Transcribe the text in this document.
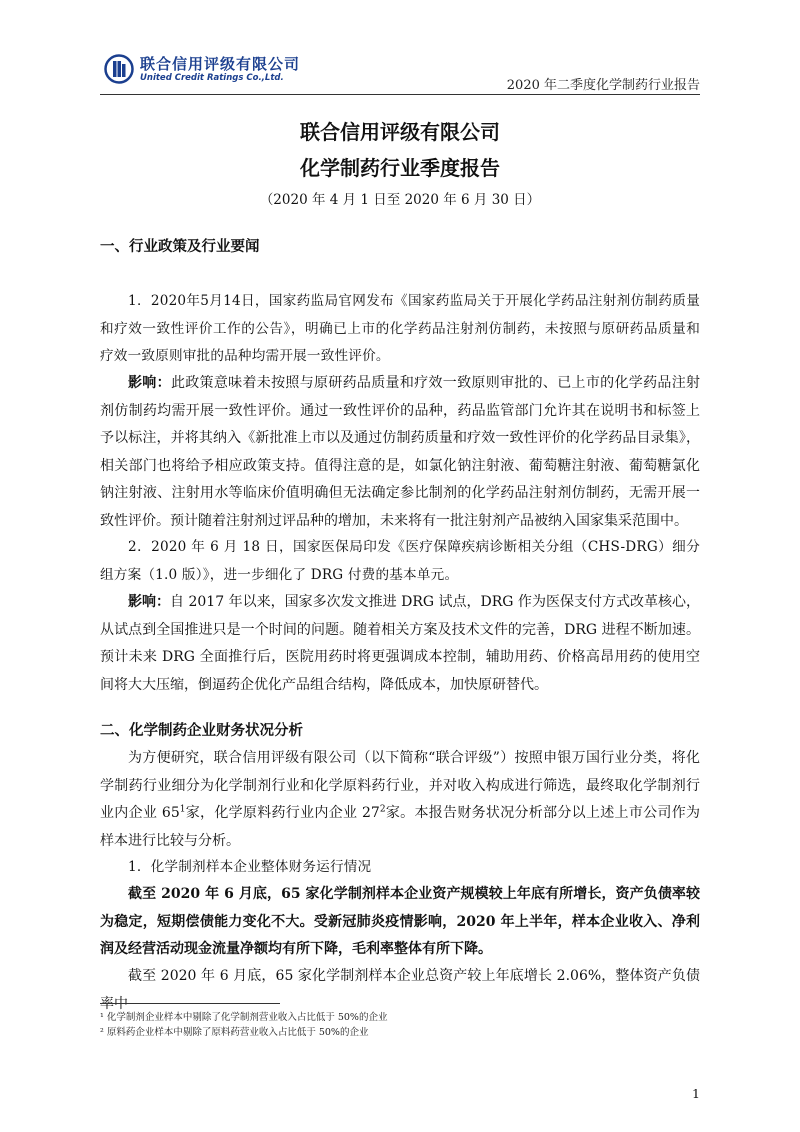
联合信用评级有限公司
United Credit Ratings Co.,Ltd.	2020 年二季度化学制药行业报告
联合信用评级有限公司
化学制药行业季度报告
（2020 年 4 月 1 日至 2020 年 6 月 30 日）
一、行业政策及行业要闻
1．2020年5月14日，国家药监局官网发布《国家药监局关于开展化学药品注射剂仿制药质量和疗效一致性评价工作的公告》，明确已上市的化学药品注射剂仿制药，未按照与原研药品质量和疗效一致原则审批的品种均需开展一致性评价。
影响：此政策意味着未按照与原研药品质量和疗效一致原则审批的、已上市的化学药品注射剂仿制药均需开展一致性评价。通过一致性评价的品种，药品监管部门允许其在说明书和标签上予以标注，并将其纳入《新批准上市以及通过仿制药质量和疗效一致性评价的化学药品目录集》，相关部门也将给予相应政策支持。值得注意的是，如氯化钠注射液、葡萄糖注射液、葡萄糖氯化钠注射液、注射用水等临床价值明确但无法确定参比制剂的化学药品注射剂仿制药，无需开展一致性评价。预计随着注射剂过评品种的增加，未来将有一批注射剂产品被纳入国家集采范围中。
2．2020 年 6 月 18 日，国家医保局印发《医疗保障疾病诊断相关分组（CHS-DRG）细分组方案（1.0 版）》，进一步细化了 DRG 付费的基本单元。
影响：自 2017 年以来，国家多次发文推进 DRG 试点，DRG 作为医保支付方式改革核心，从试点到全国推进只是一个时间的问题。随着相关方案及技术文件的完善，DRG 进程不断加速。预计未来 DRG 全面推行后，医院用药时将更强调成本控制，辅助用药、价格高昂用药的使用空间将大大压缩，倒逼药企优化产品组合结构，降低成本，加快原研替代。
二、化学制药企业财务状况分析
为方便研究，联合信用评级有限公司（以下简称“联合评级”）按照申银万国行业分类，将化学制药行业细分为化学制剂行业和化学原料药行业，并对收入构成进行筛选，最终取化学制剂行业内企业 $65^1$家，化学原料药行业内企业 $27^2$家。本报告财务状况分析部分以上述上市公司作为样本进行比较与分析。
1．化学制剂样本企业整体财务运行情况
截至 2020 年 6 月底，65 家化学制剂样本企业资产规模较上年底有所增长，资产负债率较为稳定，短期偿债能力变化不大。受新冠肺炎疫情影响，2020 年上半年，样本企业收入、净利润及经营活动现金流量净额均有所下降，毛利率整体有所下降。
截至 2020 年 6 月底，65 家化学制剂样本企业总资产较上年底增长 2.06%，整体资产负债率中
¹ 化学制剂企业样本中剔除了化学制剂营业收入占比低于 50%的企业
² 原料药企业样本中剔除了原料药营业收入占比低于 50%的企业
1
